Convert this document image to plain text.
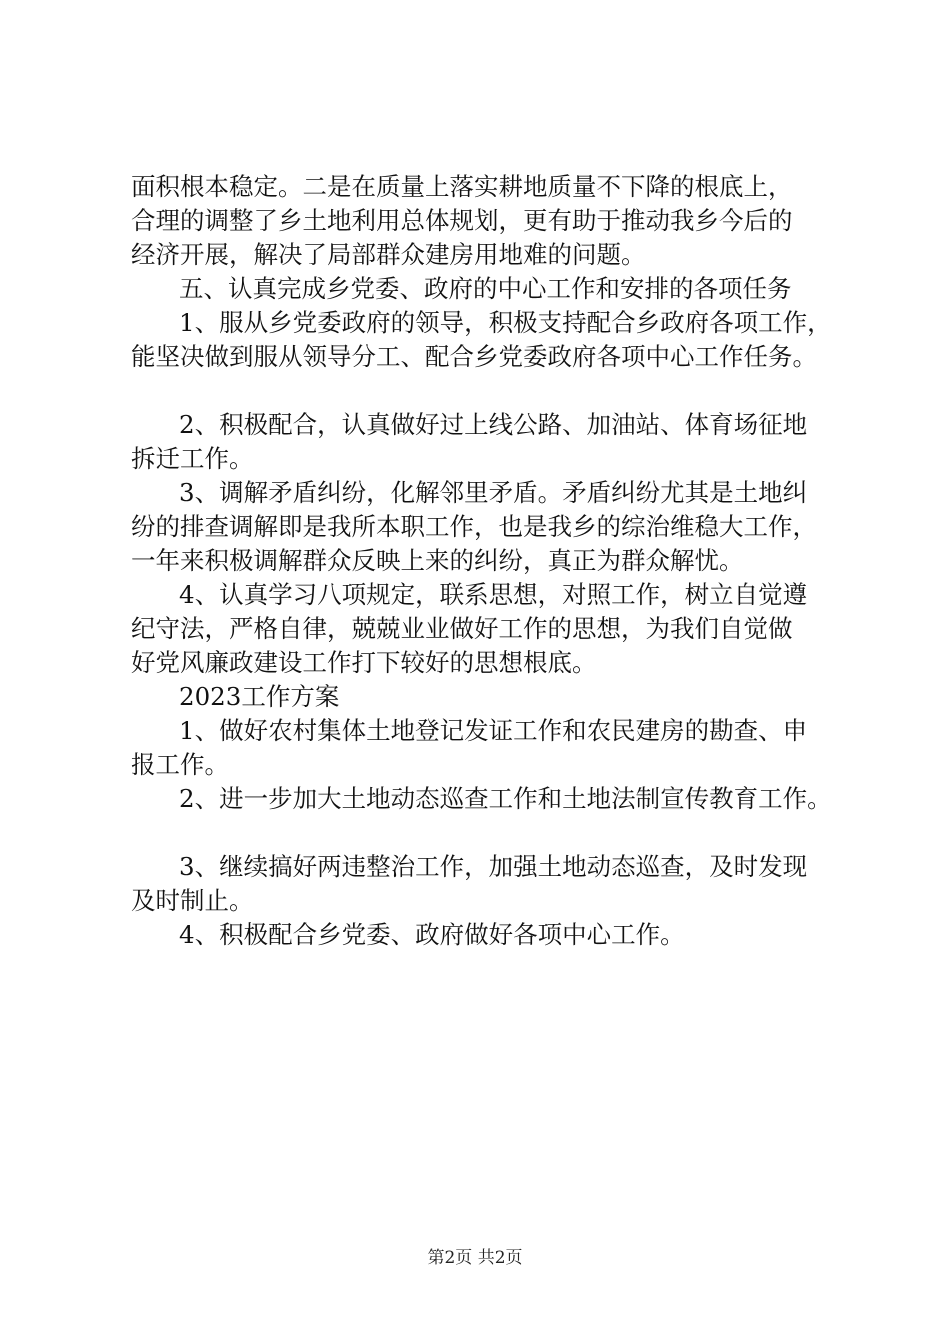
面积根本稳定。二是在质量上落实耕地质量不下降的根底上，
合理的调整了乡土地利用总体规划，更有助于推动我乡今后的
经济开展，解决了局部群众建房用地难的问题。
五、认真完成乡党委、政府的中心工作和安排的各项任务
1、服从乡党委政府的领导，积极支持配合乡政府各项工作，
能坚决做到服从领导分工、配合乡党委政府各项中心工作任务。
2、积极配合，认真做好过上线公路、加油站、体育场征地
拆迁工作。
3、调解矛盾纠纷，化解邻里矛盾。矛盾纠纷尤其是土地纠
纷的排查调解即是我所本职工作，也是我乡的综治维稳大工作，
一年来积极调解群众反映上来的纠纷，真正为群众解忧。
4、认真学习八项规定，联系思想，对照工作，树立自觉遵
纪守法，严格自律，兢兢业业做好工作的思想，为我们自觉做
好党风廉政建设工作打下较好的思想根底。
2023工作方案
1、做好农村集体土地登记发证工作和农民建房的勘查、申
报工作。
2、进一步加大土地动态巡查工作和土地法制宣传教育工作。
3、继续搞好两违整治工作，加强土地动态巡查，及时发现
及时制止。
4、积极配合乡党委、政府做好各项中心工作。
第2页 共2页
